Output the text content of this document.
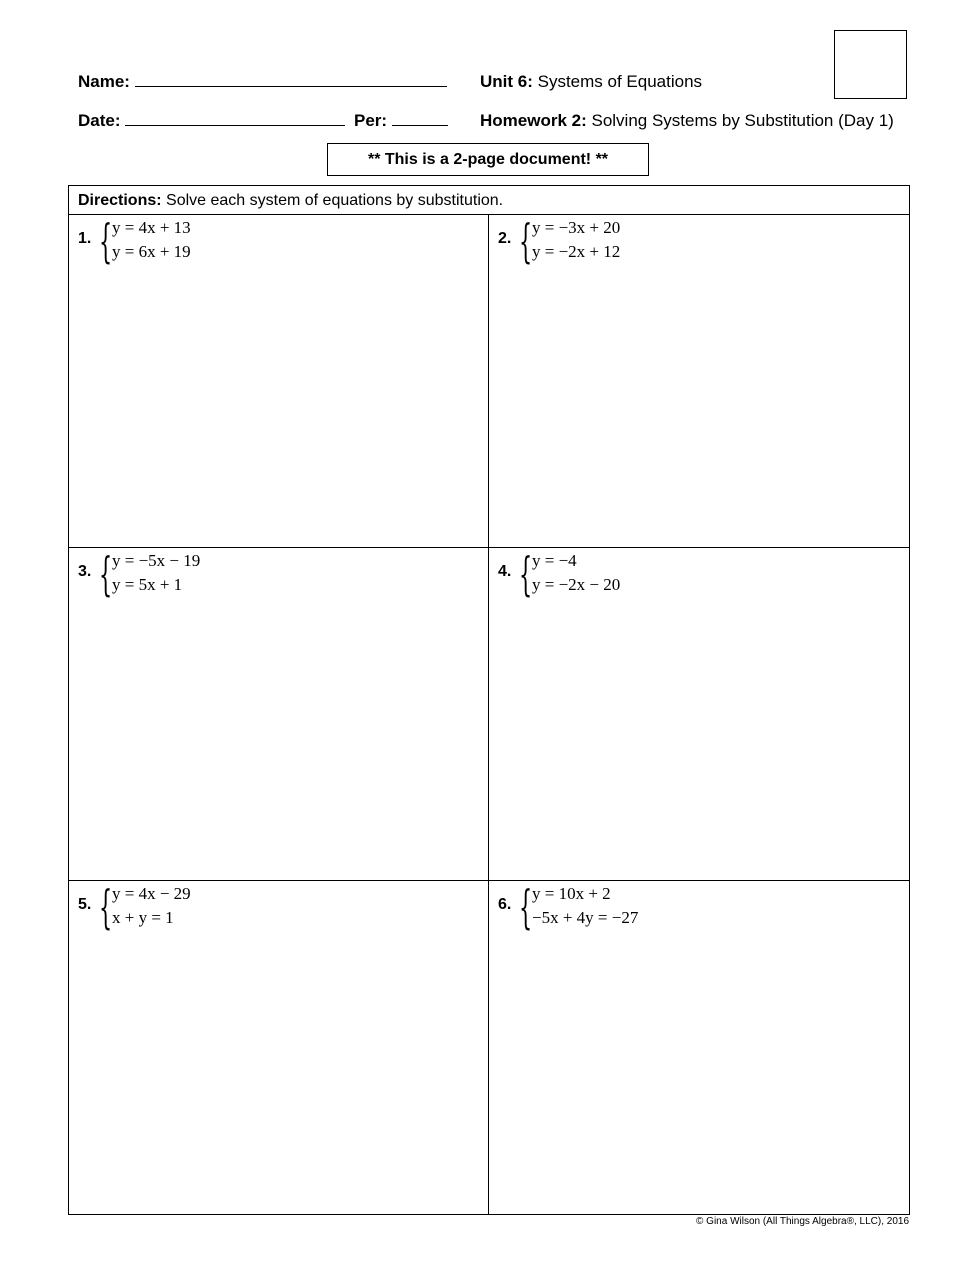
Name:
Date:	Per:
Unit 6: Systems of Equations
Homework 2: Solving Systems by Substitution (Day 1)
** This is a 2-page document! **
Directions: Solve each system of equations by substitution.
1. { y = 4x + 13
y = 6x + 19
2. { y = −3x + 20
y = −2x + 12
3. { y = −5x − 19
y = 5x + 1
4. { y = −4
y = −2x − 20
5. { y = 4x − 29
x + y = 1
6. { y = 10x + 2
−5x + 4y = −27
© Gina Wilson (All Things Algebra®, LLC), 2016
